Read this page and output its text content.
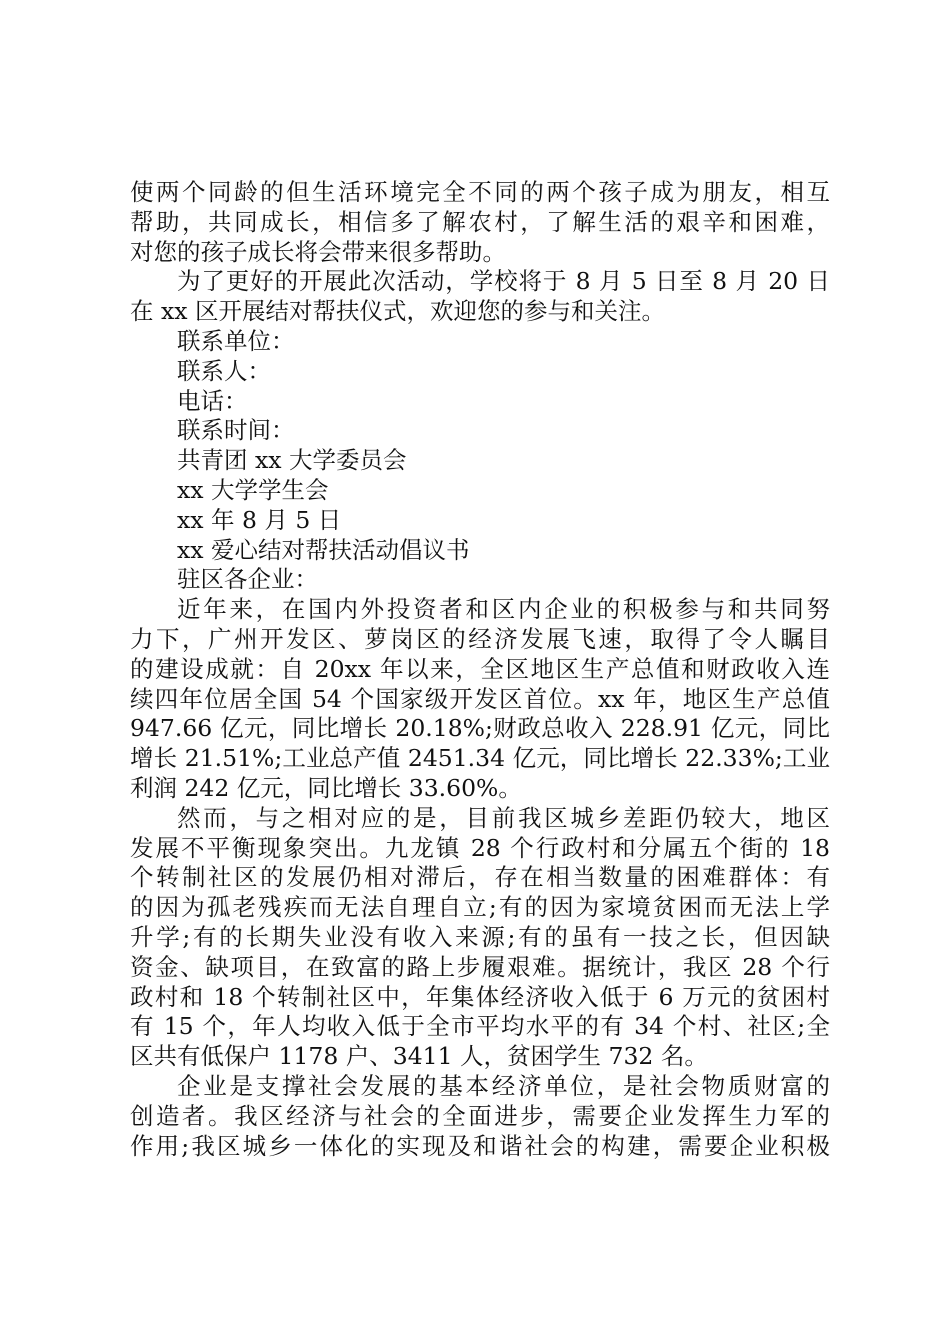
使两个同龄的但生活环境完全不同的两个孩子成为朋友，相互
帮助，共同成长，相信多了解农村，了解生活的艰辛和困难，
对您的孩子成长将会带来很多帮助。
为了更好的开展此次活动，学校将于 8 月 5 日至 8 月 20 日
在 xx 区开展结对帮扶仪式，欢迎您的参与和关注。
联系单位：
联系人：
电话：
联系时间：
共青团 xx 大学委员会
xx 大学学生会
xx 年 8 月 5 日
xx 爱心结对帮扶活动倡议书
驻区各企业：
近年来，在国内外投资者和区内企业的积极参与和共同努
力下，广州开发区、萝岗区的经济发展飞速，取得了令人瞩目
的建设成就：自 20xx 年以来，全区地区生产总值和财政收入连
续四年位居全国 54 个国家级开发区首位。xx 年，地区生产总值
947.66 亿元，同比增长 20.18%;财政总收入 228.91 亿元，同比
增长 21.51%;工业总产值 2451.34 亿元，同比增长 22.33%;工业
利润 242 亿元，同比增长 33.60%。
然而，与之相对应的是，目前我区城乡差距仍较大，地区
发展不平衡现象突出。九龙镇 28 个行政村和分属五个街的 18
个转制社区的发展仍相对滞后，存在相当数量的困难群体：有
的因为孤老残疾而无法自理自立;有的因为家境贫困而无法上学
升学;有的长期失业没有收入来源;有的虽有一技之长，但因缺
资金、缺项目，在致富的路上步履艰难。据统计，我区 28 个行
政村和 18 个转制社区中，年集体经济收入低于 6 万元的贫困村
有 15 个，年人均收入低于全市平均水平的有 34 个村、社区;全
区共有低保户 1178 户、3411 人，贫困学生 732 名。
企业是支撑社会发展的基本经济单位，是社会物质财富的
创造者。我区经济与社会的全面进步，需要企业发挥生力军的
作用;我区城乡一体化的实现及和谐社会的构建，需要企业积极
